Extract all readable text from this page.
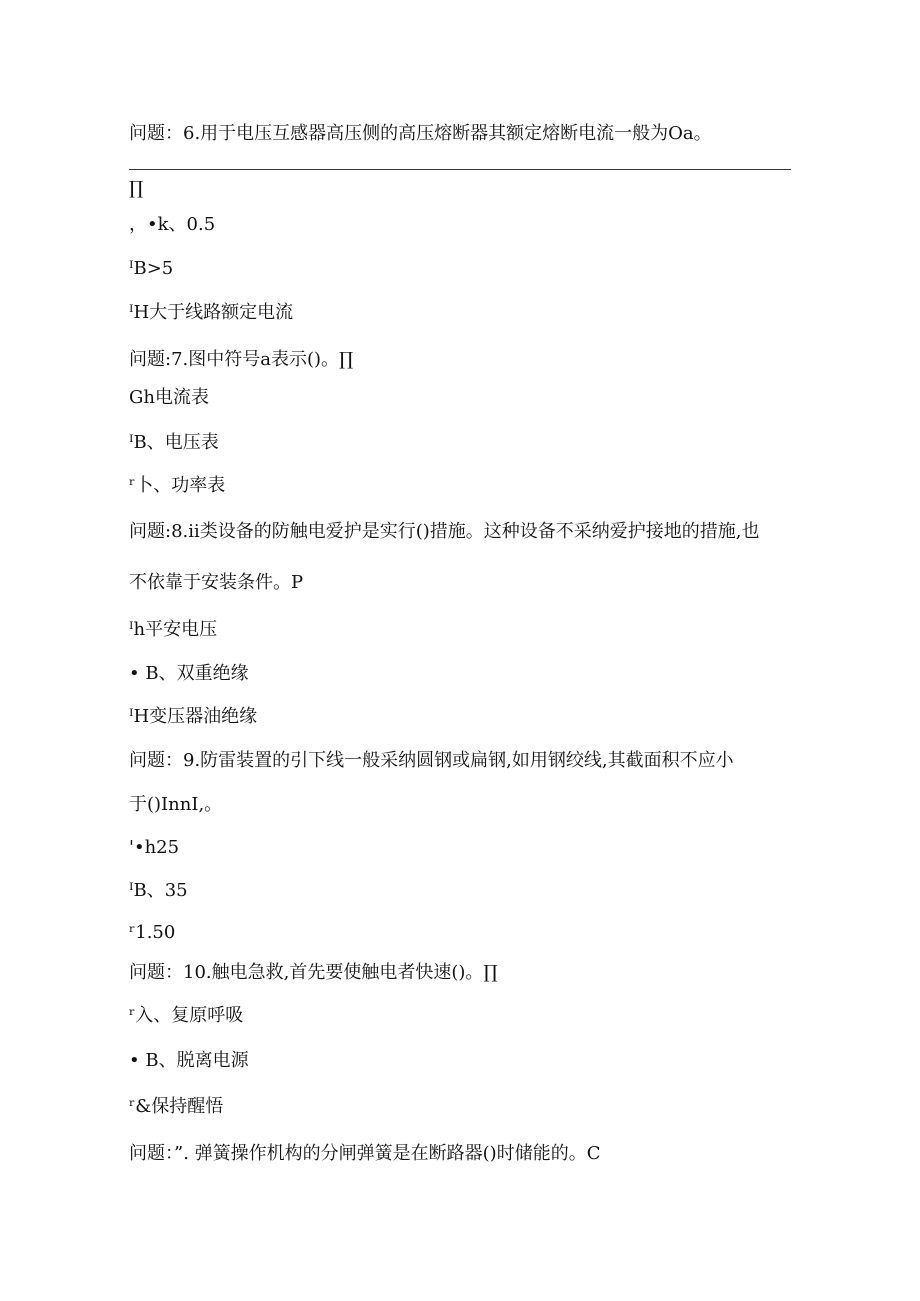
问题：6.用于电压互感器高压侧的高压熔断器其额定熔断电流一般为Oa。
∏
，•k、0.5
ᴵB>5
ᴵH大于线路额定电流
问题:7.图中符号a表示()。∏
Gh电流表
ᴵB、电压表
ʳ卜、功率表
问题:8.ii类设备的防触电爱护是实行()措施。这种设备不采纳爱护接地的措施,也
不依靠于安装条件。P
ᴵh平安电压
• B、双重绝缘
ᴵH变压器油绝缘
问题：9.防雷装置的引下线一般采纳圆钢或扁钢,如用钢绞线,其截面积不应小
于()InnI,。
'•h25
ᴵB、35
ʳ1.50
问题：10.触电急救,首先要使触电者快速()。∏
ʳ入、复原呼吸
• B、脱离电源
ʳ&保持醒悟
问题：”. 弹簧操作机构的分闸弹簧是在断路器()时储能的。C
